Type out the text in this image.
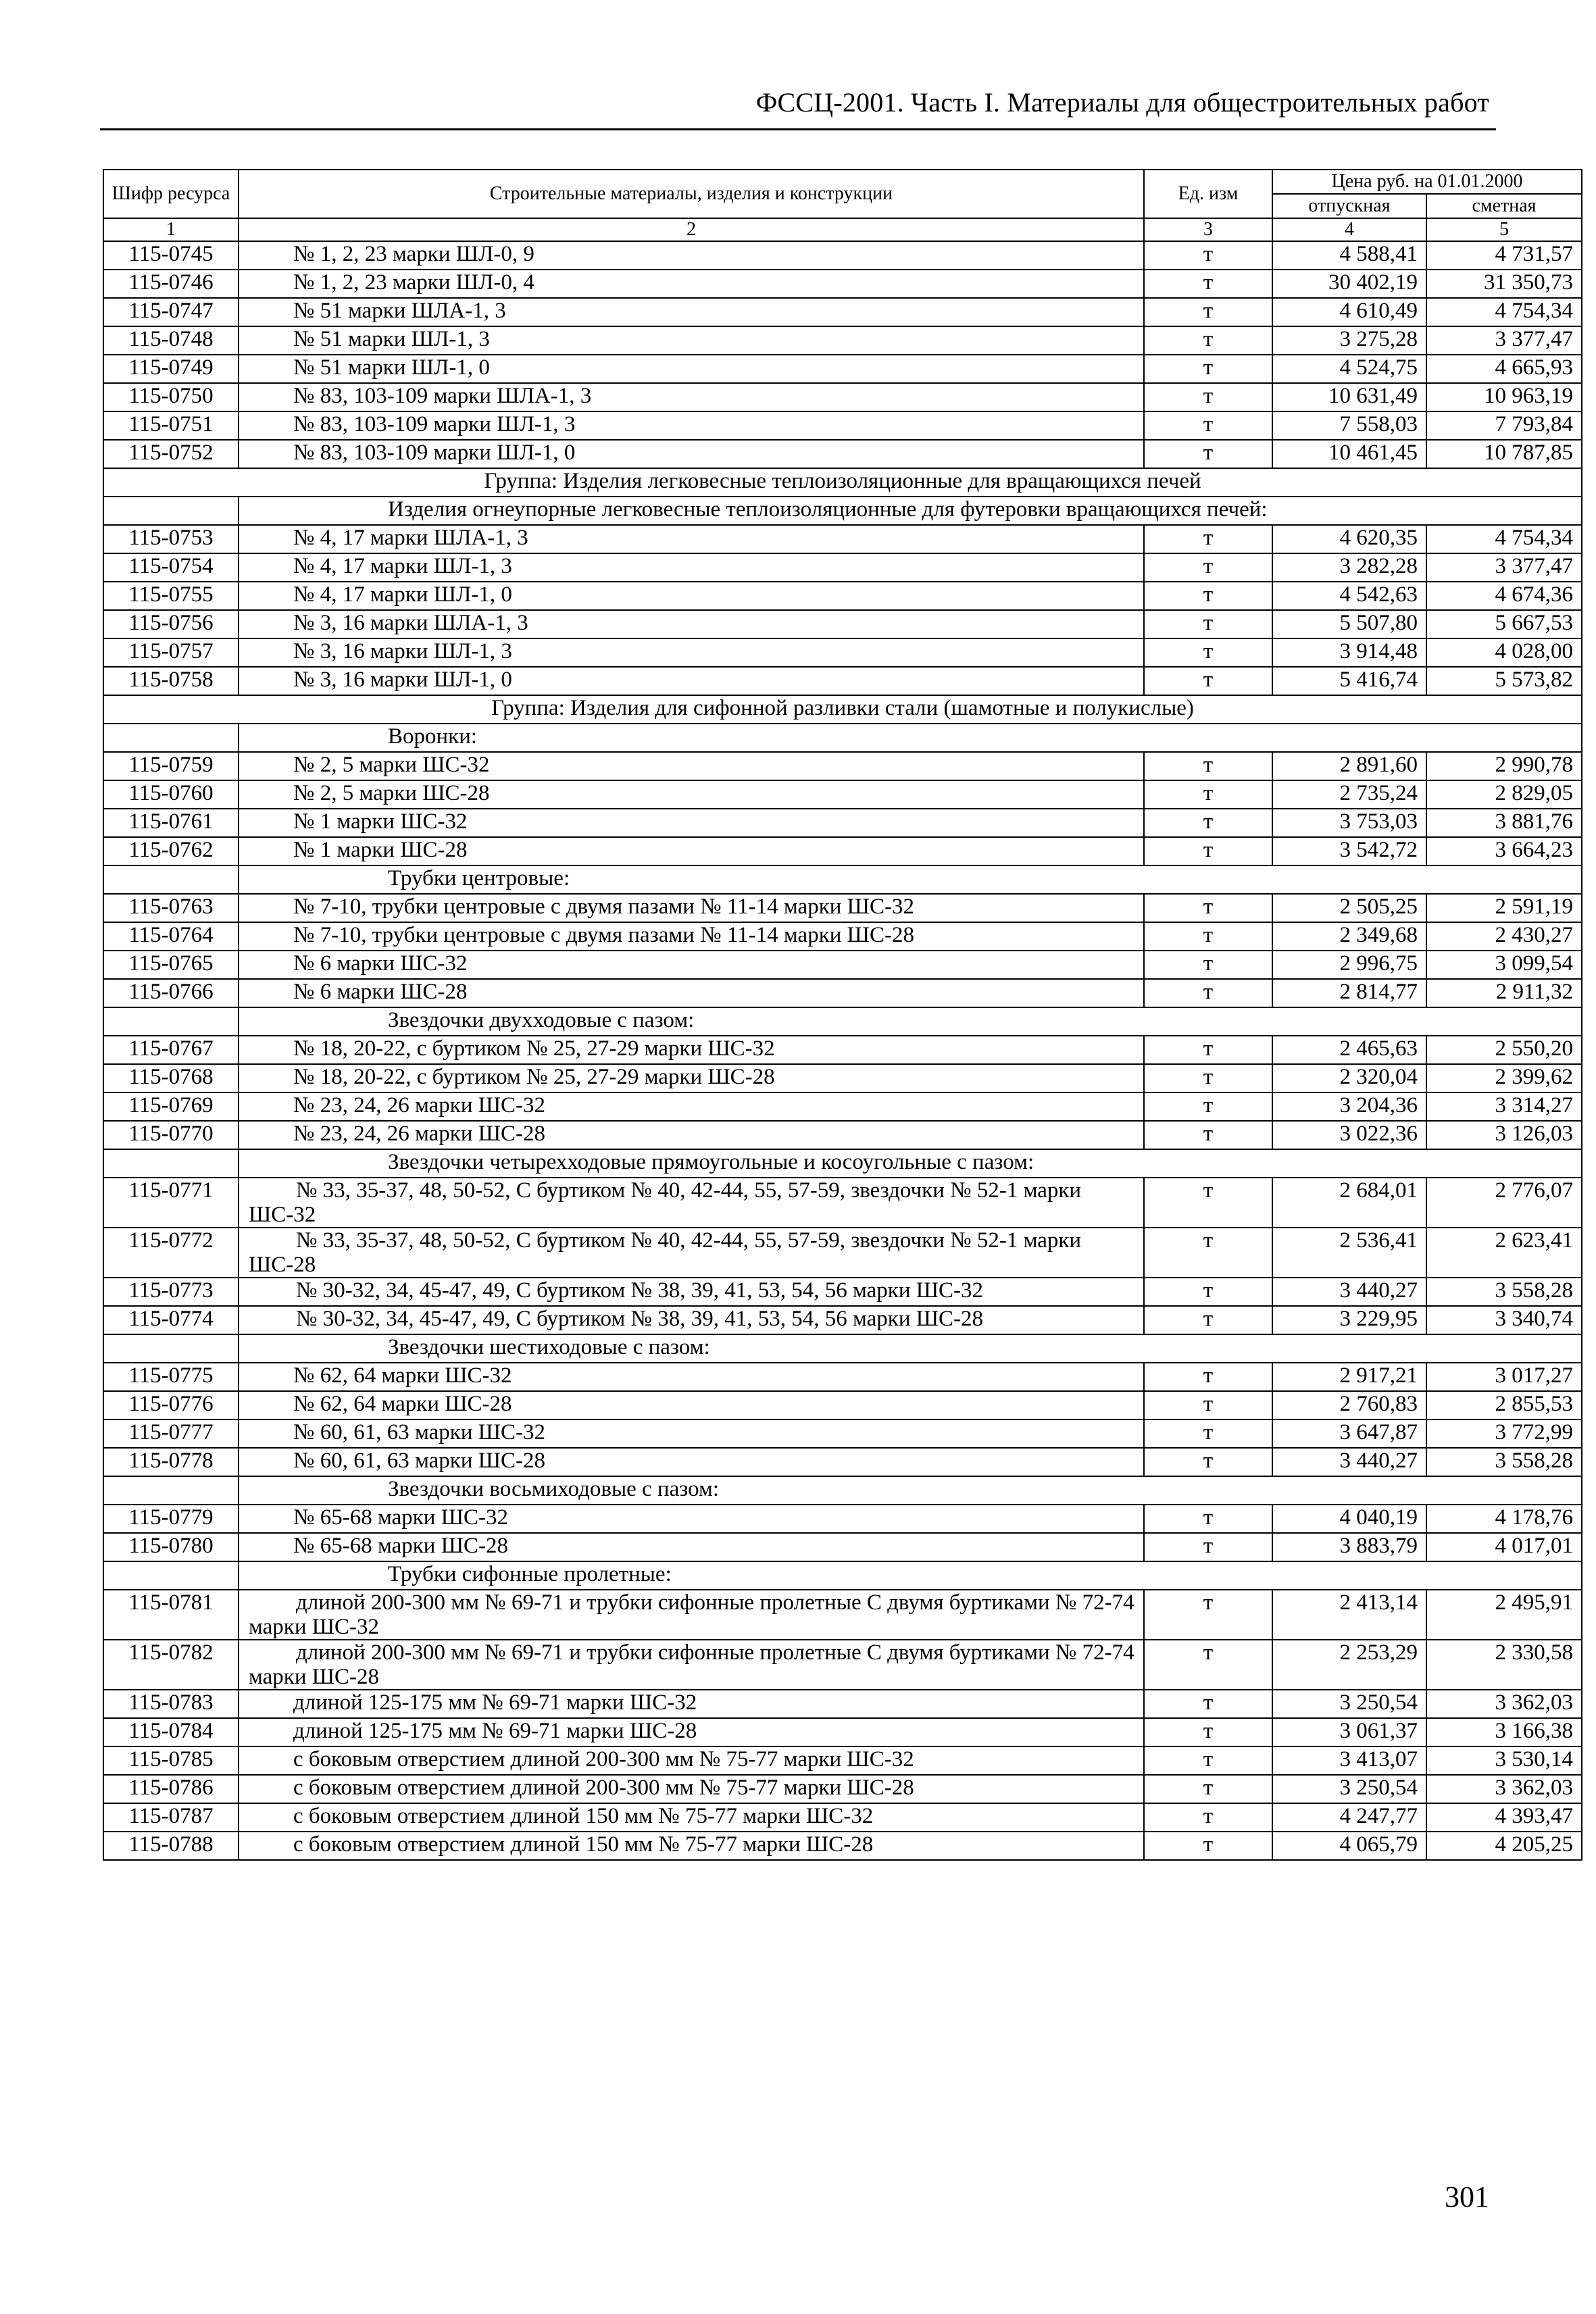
ФССЦ-2001. Часть I. Материалы для общестроительных работ
Шифр ресурса	Строительные материалы, изделия и конструкции	Ед. изм	Цена руб. на 01.01.2000	
			отпускная	сметная
1	2	3	4	5
115-0745	№ 1, 2, 23 марки ШЛ-0, 9	т	4 588,41	4 731,57
115-0746	№ 1, 2, 23 марки ШЛ-0, 4	т	30 402,19	31 350,73
115-0747	№ 51 марки ШЛА-1, 3	т	4 610,49	4 754,34
115-0748	№ 51 марки ШЛ-1, 3	т	3 275,28	3 377,47
115-0749	№ 51 марки ШЛ-1, 0	т	4 524,75	4 665,93
115-0750	№ 83, 103-109 марки ШЛА-1, 3	т	10 631,49	10 963,19
115-0751	№ 83, 103-109 марки ШЛ-1, 3	т	7 558,03	7 793,84
115-0752	№ 83, 103-109 марки ШЛ-1, 0	т	10 461,45	10 787,85
Группа: Изделия легковесные теплоизоляционные для вращающихся печей				
	Изделия огнеупорные легковесные теплоизоляционные для футеровки вращающихся печей:			
115-0753	№ 4, 17 марки ШЛА-1, 3	т	4 620,35	4 754,34
115-0754	№ 4, 17 марки ШЛ-1, 3	т	3 282,28	3 377,47
115-0755	№ 4, 17 марки ШЛ-1, 0	т	4 542,63	4 674,36
115-0756	№ 3, 16 марки ШЛА-1, 3	т	5 507,80	5 667,53
115-0757	№ 3, 16 марки ШЛ-1, 3	т	3 914,48	4 028,00
115-0758	№ 3, 16 марки ШЛ-1, 0	т	5 416,74	5 573,82
Группа: Изделия для сифонной разливки стали (шамотные и полукислые)				
	Воронки:			
115-0759	№ 2, 5 марки ШС-32	т	2 891,60	2 990,78
115-0760	№ 2, 5 марки ШС-28	т	2 735,24	2 829,05
115-0761	№ 1 марки ШС-32	т	3 753,03	3 881,76
115-0762	№ 1 марки ШС-28	т	3 542,72	3 664,23
	Трубки центровые:			
115-0763	№ 7-10, трубки центровые с двумя пазами № 11-14 марки ШС-32	т	2 505,25	2 591,19
115-0764	№ 7-10, трубки центровые с двумя пазами № 11-14 марки ШС-28	т	2 349,68	2 430,27
115-0765	№ 6 марки ШС-32	т	2 996,75	3 099,54
115-0766	№ 6 марки ШС-28	т	2 814,77	2 911,32
	Звездочки двухходовые с пазом:			
115-0767	№ 18, 20-22, с буртиком № 25, 27-29 марки ШС-32	т	2 465,63	2 550,20
115-0768	№ 18, 20-22, с буртиком № 25, 27-29 марки ШС-28	т	2 320,04	2 399,62
115-0769	№ 23, 24, 26 марки ШС-32	т	3 204,36	3 314,27
115-0770	№ 23, 24, 26 марки ШС-28	т	3 022,36	3 126,03
	Звездочки четырехходовые прямоугольные и косоугольные с пазом:			
115-0771	№ 33, 35-37, 48, 50-52, С буртиком № 40, 42-44, 55, 57-59, звездочки № 52-1 марки ШС-32	т	2 684,01	2 776,07
115-0772	№ 33, 35-37, 48, 50-52, С буртиком № 40, 42-44, 55, 57-59, звездочки № 52-1 марки ШС-28	т	2 536,41	2 623,41
115-0773	№ 30-32, 34, 45-47, 49, С буртиком № 38, 39, 41, 53, 54, 56 марки ШС-32	т	3 440,27	3 558,28
115-0774	№ 30-32, 34, 45-47, 49, С буртиком № 38, 39, 41, 53, 54, 56 марки ШС-28	т	3 229,95	3 340,74
	Звездочки шестиходовые с пазом:			
115-0775	№ 62, 64 марки ШС-32	т	2 917,21	3 017,27
115-0776	№ 62, 64 марки ШС-28	т	2 760,83	2 855,53
115-0777	№ 60, 61, 63 марки ШС-32	т	3 647,87	3 772,99
115-0778	№ 60, 61, 63 марки ШС-28	т	3 440,27	3 558,28
	Звездочки восьмиходовые с пазом:			
115-0779	№ 65-68 марки ШС-32	т	4 040,19	4 178,76
115-0780	№ 65-68 марки ШС-28	т	3 883,79	4 017,01
	Трубки сифонные пролетные:			
115-0781	длиной 200-300 мм № 69-71 и трубки сифонные пролетные С двумя буртиками № 72-74 марки ШС-32	т	2 413,14	2 495,91
115-0782	длиной 200-300 мм № 69-71 и трубки сифонные пролетные С двумя буртиками № 72-74 марки ШС-28	т	2 253,29	2 330,58
115-0783	длиной 125-175 мм № 69-71 марки ШС-32	т	3 250,54	3 362,03
115-0784	длиной 125-175 мм № 69-71 марки ШС-28	т	3 061,37	3 166,38
115-0785	с боковым отверстием длиной 200-300 мм № 75-77 марки ШС-32	т	3 413,07	3 530,14
115-0786	с боковым отверстием длиной 200-300 мм № 75-77 марки ШС-28	т	3 250,54	3 362,03
115-0787	с боковым отверстием длиной 150 мм № 75-77 марки ШС-32	т	4 247,77	4 393,47
115-0788	с боковым отверстием длиной 150 мм № 75-77 марки ШС-28	т	4 065,79	4 205,25
301
